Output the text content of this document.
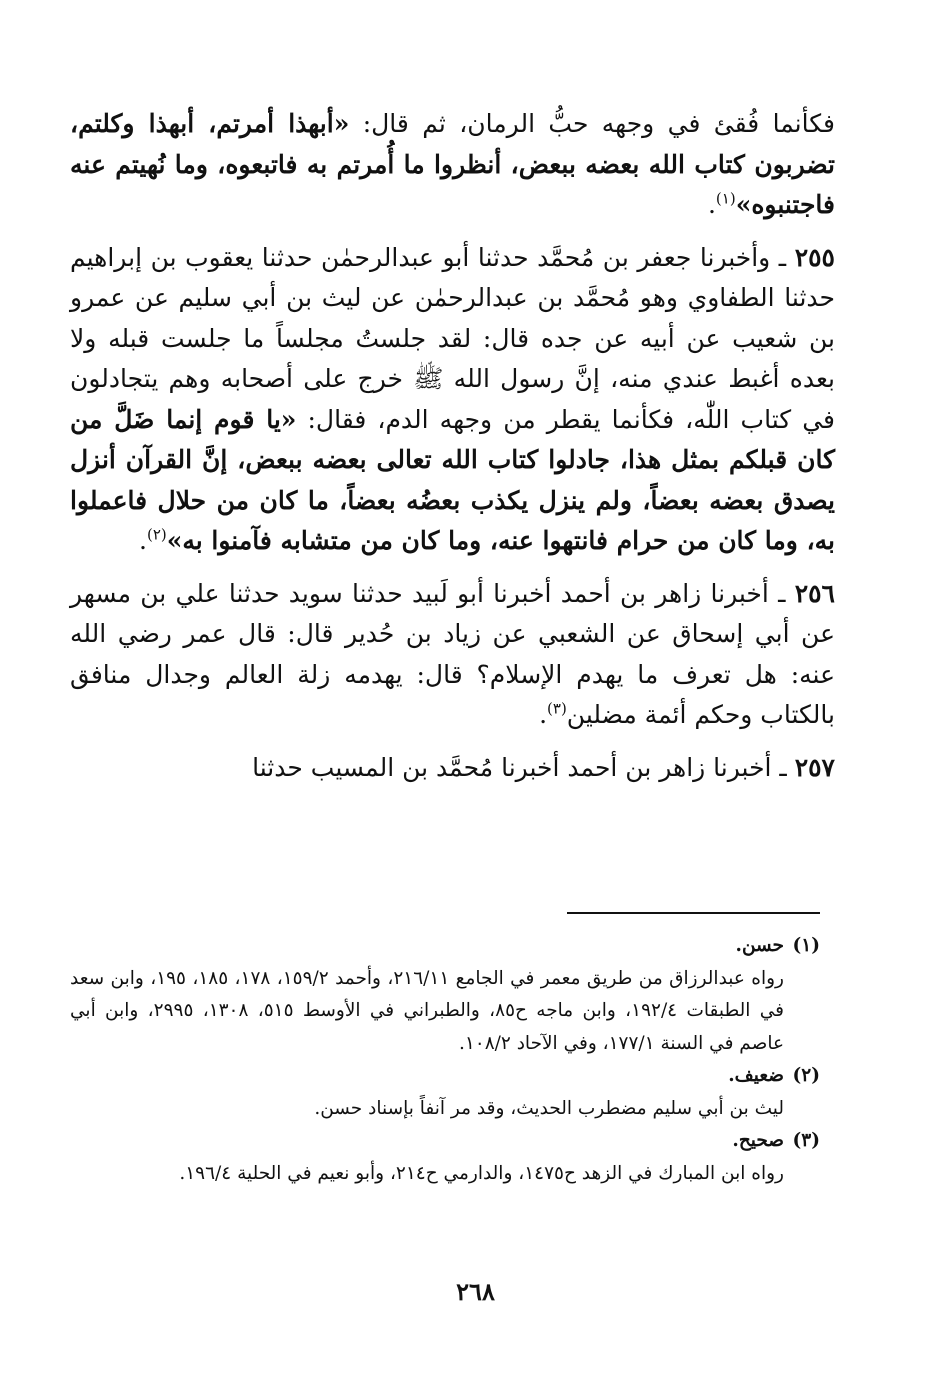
فكأنما فُقئ في وجهه حبُّ الرمان، ثم قال: «أبهذا أمرتم، أبهذا وكلتم، تضربون كتاب الله بعضه ببعض، أنظروا ما أُمرتم به فاتبعوه، وما نُهيتم عنه فاجتنبوه»$^{(١)}$.

٢٥٥ ـ وأخبرنا جعفر بن مُحمَّد حدثنا أبو عبدالرحمٰن حدثنا يعقوب بن إبراهيم حدثنا الطفاوي وهو مُحمَّد بن عبدالرحمٰن عن ليث بن أبي سليم عن عمرو بن شعيب عن أبيه عن جده قال: لقد جلستُ مجلساً ما جلست قبله ولا بعده أغبط عندي منه، إنَّ رسول الله ﷺ خرج على أصحابه وهم يتجادلون في كتاب اللّٰه، فكأنما يقطر من وجهه الدم، فقال: «يا قوم إنما ضَلَّ من كان قبلكم بمثل هذا، جادلوا كتاب الله تعالى بعضه ببعض، إنَّ القرآن أنزل يصدق بعضه بعضاً، ولم ينزل يكذب بعضُه بعضاً، ما كان من حلال فاعملوا به، وما كان من حرام فانتهوا عنه، وما كان من متشابه فآمنوا به»$^{(٢)}$.

٢٥٦ ـ أخبرنا زاهر بن أحمد أخبرنا أبو لَبيد حدثنا سويد حدثنا علي بن مسهر عن أبي إسحاق عن الشعبي عن زياد بن حُدير قال: قال عمر رضي الله عنه: هل تعرف ما يهدم الإسلام؟ قال: يهدمه زلة العالم وجدال منافق بالكتاب وحكم أئمة مضلين$^{(٣)}$.

٢٥٧ ـ أخبرنا زاهر بن أحمد أخبرنا مُحمَّد بن المسيب حدثنا

(١)حسن.

رواه عبدالرزاق من طريق معمر في الجامع ٢١٦/١١، وأحمد ١٥٩/٢، ١٧٨، ١٨٥، ١٩٥، وابن سعد في الطبقات ١٩٢/٤، وابن ماجه ح٨٥، والطبراني في الأوسط ٥١٥، ١٣٠٨، ٢٩٩٥، وابن أبي عاصم في السنة ١٧٧/١، وفي الآحاد ١٠٨/٢.

(٢)ضعيف.

ليث بن أبي سليم مضطرب الحديث، وقد مر آنفاً بإسناد حسن.

(٣)صحيح.

رواه ابن المبارك في الزهد ح١٤٧٥، والدارمي ح٢١٤، وأبو نعيم في الحلية ١٩٦/٤.

٢٦٨
